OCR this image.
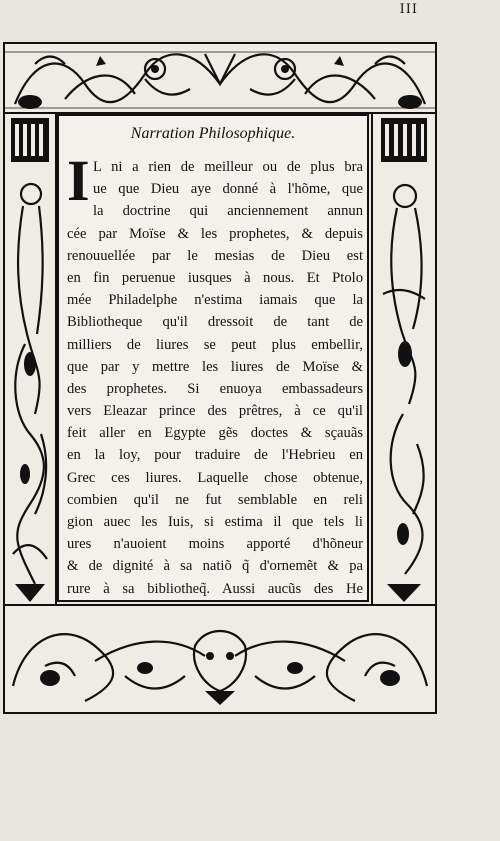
III
Narration Philosophique.
I L ni a rien de meilleur ou de plus bra
ue que Dieu aye donné à l'hõme, que
la doctrine qui anciennement annun
cée par Moïse & les prophetes, & depuis
renouuellée par le mesias de Dieu est
en fin peruenue iusques à nous. Et Ptolo
mée Philadelphe n'estima iamais que la
Bibliotheque qu'il dressoit de tant de
milliers de liures se peut plus embellir,
que par y mettre les liures de Moïse &
des prophetes. Si enuoya embassadeurs
vers Eleazar prince des prêtres, à ce qu'il
feit aller en Egypte gẽs doctes & sçauãs
en la loy, pour traduire de l'Hebrieu en
Grec ces liures. Laquelle chose obtenue,
combien qu'il ne fut semblable en reli
gion auec les Iuis, si estima il que tels li
ures n'auoient moins apporté d'hõneur
& de dignité à sa natiõ q̃ d'ornemẽt & pa
rure à sa bibliotheq̃. Aussi aucũs des He
